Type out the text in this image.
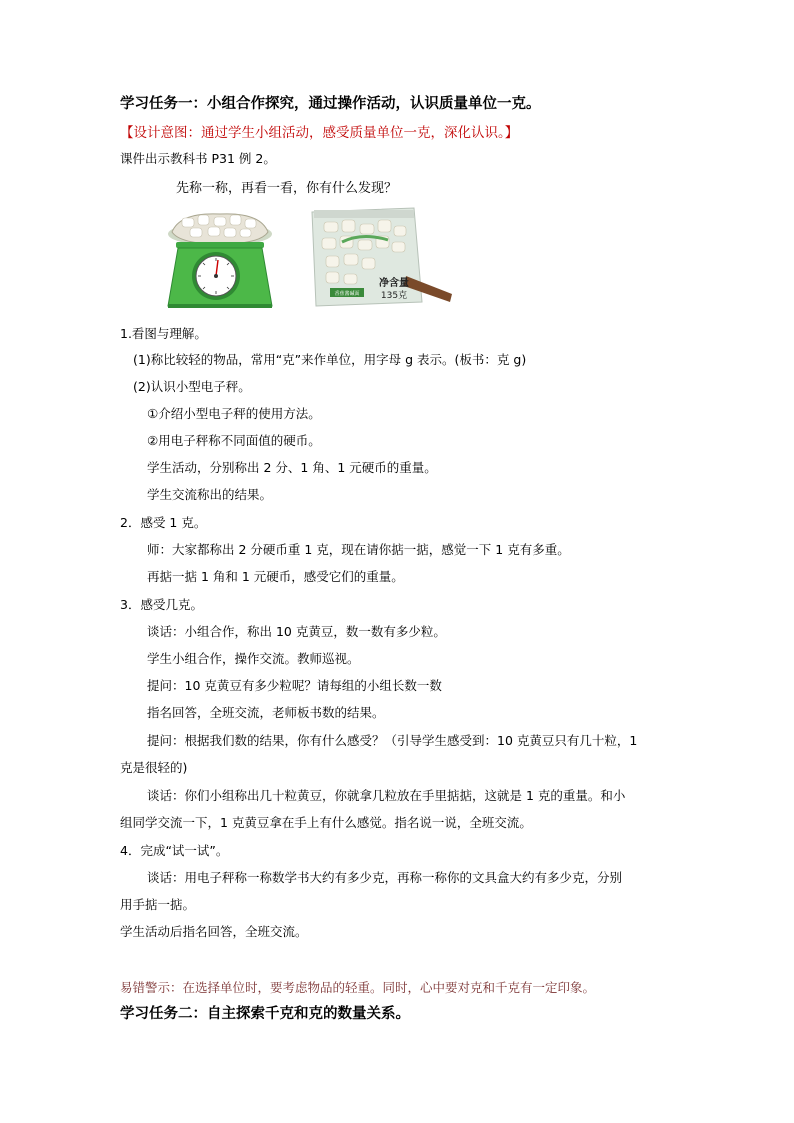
学习任务一：小组合作探究，通过操作活动，认识质量单位一克。
【设计意图：通过学生小组活动，感受质量单位一克，深化认识。】
课件出示教科书 P31 例 2。
先称一称，再看一看，你有什么发现？
香蕉酱碱面
净含量
135克
1.看图与理解。
(1)称比较轻的物品，常用“克”来作单位，用字母 g 表示。(板书：克 g)
(2)认识小型电子秤。
①介绍小型电子秤的使用方法。
②用电子秤称不同面值的硬币。
学生活动，分别称出 2 分、1 角、1 元硬币的重量。
学生交流称出的结果。
2．感受 1 克。
师：大家都称出 2 分硬币重 1 克，现在请你掂一掂，感觉一下 1 克有多重。
再掂一掂 1 角和 1 元硬币，感受它们的重量。
3．感受几克。
谈话：小组合作，称出 10 克黄豆，数一数有多少粒。
学生小组合作，操作交流。教师巡视。
提问：10 克黄豆有多少粒呢？请每组的小组长数一数
指名回答，全班交流，老师板书数的结果。
提问：根据我们数的结果，你有什么感受？（引导学生感受到：10 克黄豆只有几十粒，1
克是很轻的)
谈话：你们小组称出几十粒黄豆，你就拿几粒放在手里掂掂，这就是 1 克的重量。和小
组同学交流一下，1 克黄豆拿在手上有什么感觉。指名说一说，全班交流。
4．完成“试一试”。
谈话：用电子秤称一称数学书大约有多少克，再称一称你的文具盒大约有多少克，分别
用手掂一掂。
学生活动后指名回答，全班交流。
易错警示：在选择单位时，要考虑物品的轻重。同时，心中要对克和千克有一定印象。
学习任务二：自主探索千克和克的数量关系。
